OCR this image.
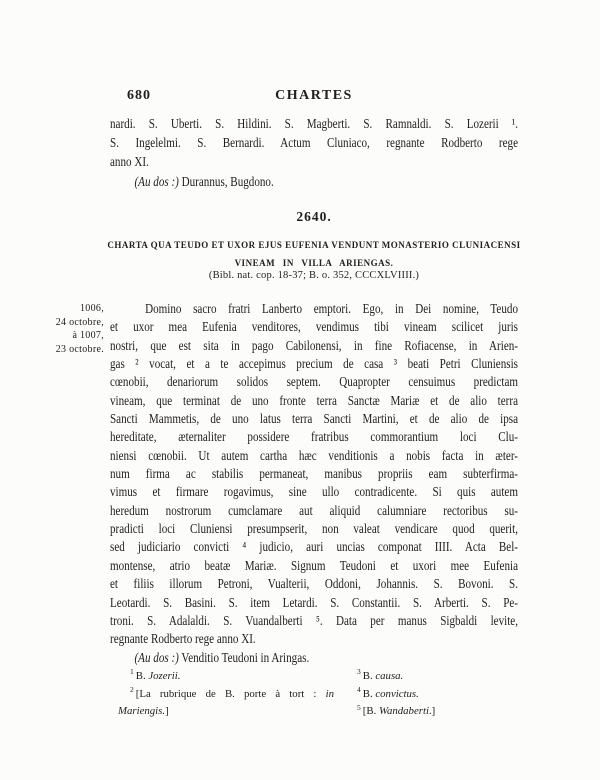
680	CHARTES
nardi. S. Uberti. S. Hildini. S. Magberti. S. Ramnaldi. S. Lozerii ¹.
S. Ingelelmi. S. Bernardi. Actum Cluniaco, regnante Rodberto rege
anno XI.
(Au dos :) Durannus, Bugdono.
2640.
CHARTA QUA TEUDO ET UXOR EJUS EUFENIA VENDUNT MONASTERIO CLUNIACENSI
VINEAM IN VILLA ARIENGAS.
(Bibl. nat. cop. 18-37; B. o. 352, CCCXLVIIII.)
1006,
24 octobre,
à 1007,
23 octobre.
Domino sacro fratri Lanberto emptori. Ego, in Dei nomine, Teudo
et uxor mea Eufenia venditores, vendimus tibi vineam scilicet juris
nostri, que est sita in pago Cabilonensi, in fine Rofiacense, in Arien-
gas ² vocat, et a te accepimus precium de casa ³ beati Petri Cluniensis
cœnobii, denariorum solidos septem. Quapropter censuimus predictam
vineam, que terminat de uno fronte terra Sanctæ Mariæ et de alio terra
Sancti Mammetis, de uno latus terra Sancti Martini, et de alio de ipsa
hereditate, æternaliter possidere fratribus commorantium loci Clu-
niensi cœnobii. Ut autem cartha hæc venditionis a nobis facta in æter-
num firma ac stabilis permaneat, manibus propriis eam subterfirma-
vimus et firmare rogavimus, sine ullo contradicente. Si quis autem
heredum nostrorum cumclamare aut aliquid calumniare rectoribus su-
pradicti loci Cluniensi presumpserit, non valeat vendicare quod querit,
sed judiciario convicti ⁴ judicio, auri uncias componat IIII. Acta Bel-
montense, atrio beatæ Mariæ. Signum Teudoni et uxori mee Eufenia
et filiis illorum Petroni, Vualterii, Oddoni, Johannis. S. Bovoni. S.
Leotardi. S. Basini. S. item Letardi. S. Constantii. S. Arberti. S. Pe-
troni. S. Adalaldi. S. Vuandalberti ⁵. Data per manus Sigbaldi levite,
regnante Rodberto rege anno XI.
(Au dos :) Venditio Teudoni in Aringas.
$^1$ B. Jozerii.
$^2$ [La rubrique de B. porte à tort : in
Mariengis.]
$^3$ B. causa.
$^4$ B. convictus.
$^5$ [B. Wandaberti.]
